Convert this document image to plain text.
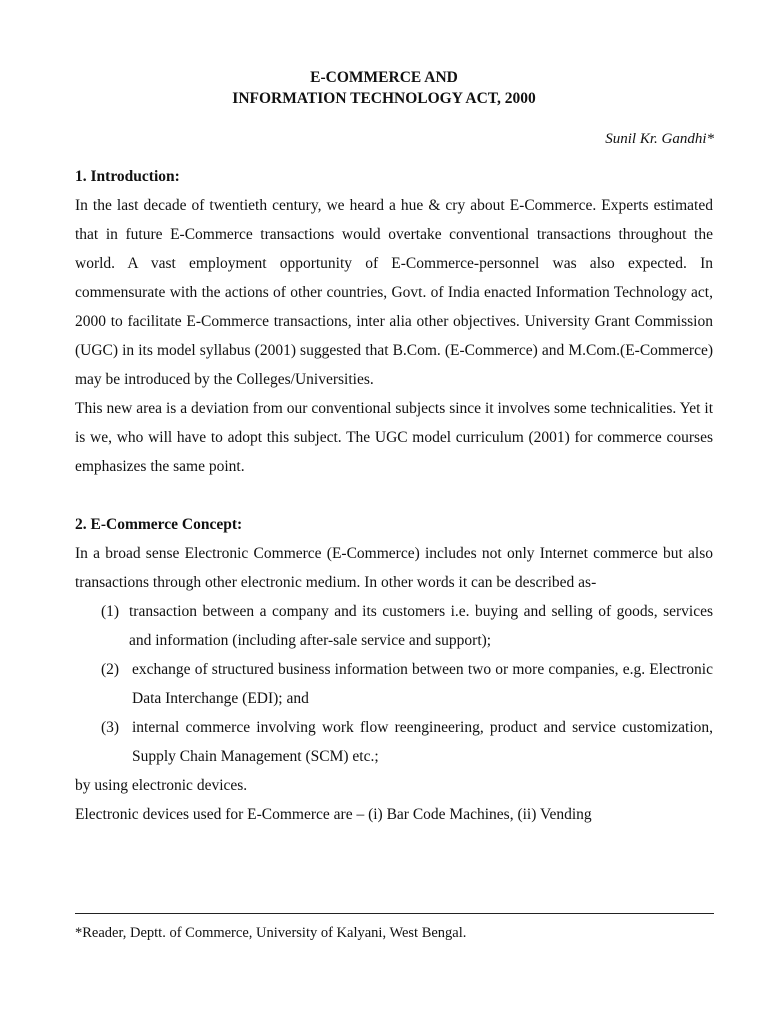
E-COMMERCE AND
INFORMATION TECHNOLOGY ACT, 2000
Sunil Kr. Gandhi*
1. Introduction:

In the last decade of twentieth century, we heard a hue & cry about E-Commerce. Experts estimated that in future E-Commerce transactions would overtake conventional transactions throughout the world. A vast employment opportunity of E-Commerce-personnel was also expected. In commensurate with the actions of other countries, Govt. of India enacted Information Technology act, 2000 to facilitate E-Commerce transactions, inter alia other objectives. University Grant Commission (UGC) in its model syllabus (2001) suggested that B.Com. (E-Commerce) and M.Com.(E-Commerce) may be introduced by the Colleges/Universities.

This new area is a deviation from our conventional subjects since it involves some technicalities. Yet it is we, who will have to adopt this subject. The UGC model curriculum (2001) for commerce courses emphasizes the same point.

2. E-Commerce Concept:

In a broad sense Electronic Commerce (E-Commerce) includes not only Internet commerce but also transactions through other electronic medium. In other words it can be described as-

(1) transaction between a company and its customers i.e. buying and selling of goods, services and information (including after-sale service and support);
(2) exchange of structured business information between two or more companies, e.g. Electronic Data Interchange (EDI); and
(3) internal commerce involving work flow reengineering, product and service customization, Supply Chain Management (SCM) etc.;

by using electronic devices.

Electronic devices used for E-Commerce are – (i) Bar Code Machines, (ii) Vending

*Reader, Deptt. of Commerce, University of Kalyani, West Bengal.
